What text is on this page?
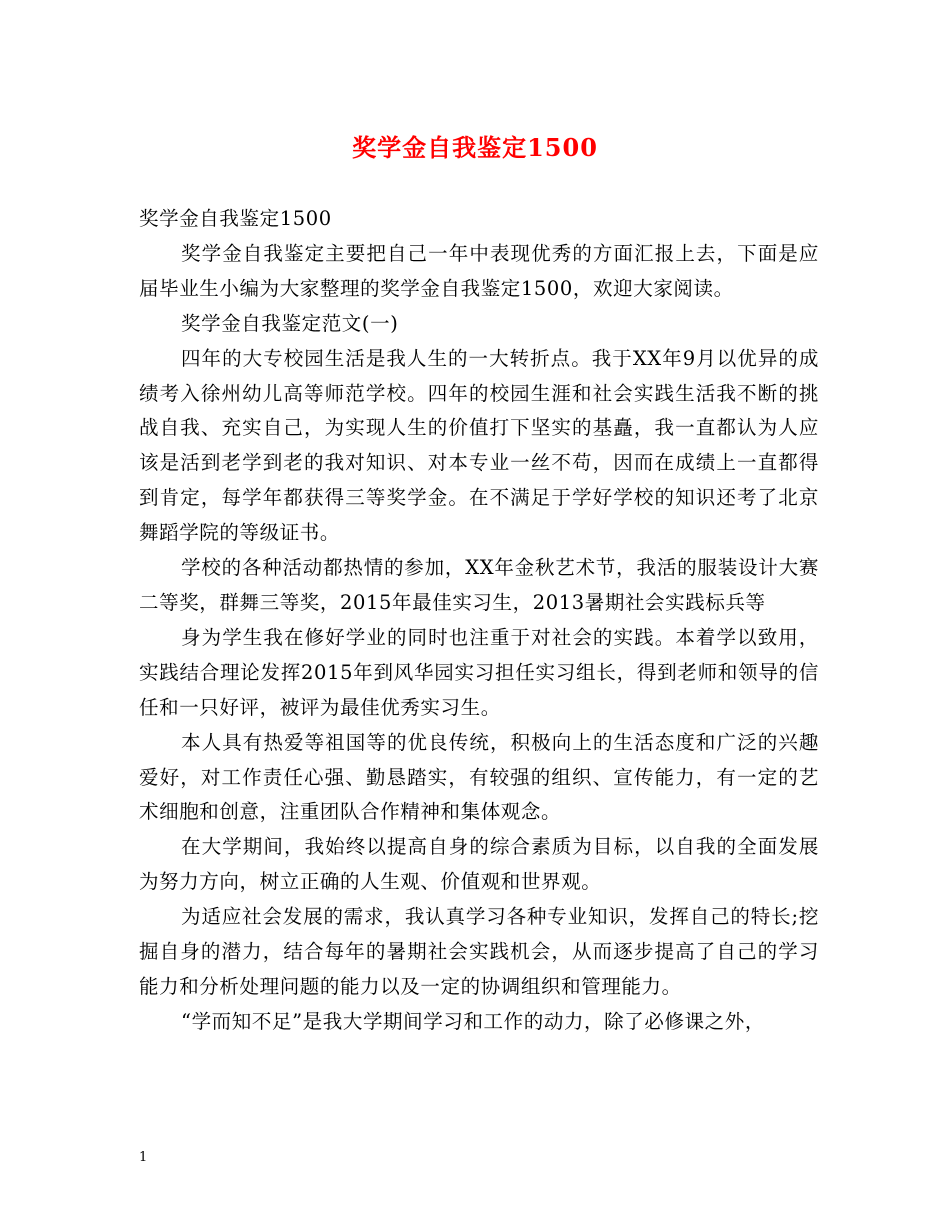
奖学金自我鉴定1500

奖学金自我鉴定1500

奖学金自我鉴定主要把自己一年中表现优秀的方面汇报上去，下面是应届毕业生小编为大家整理的奖学金自我鉴定1500，欢迎大家阅读。

奖学金自我鉴定范文(一)

四年的大专校园生活是我人生的一大转折点。我于XX年9月以优异的成绩考入徐州幼儿高等师范学校。四年的校园生涯和社会实践生活我不断的挑战自我、充实自己，为实现人生的价值打下坚实的基矗，我一直都认为人应该是活到老学到老的我对知识、对本专业一丝不苟，因而在成绩上一直都得到肯定，每学年都获得三等奖学金。在不满足于学好学校的知识还考了北京舞蹈学院的等级证书。

学校的各种活动都热情的参加，XX年金秋艺术节，我活的服装设计大赛二等奖，群舞三等奖，2015年最佳实习生，2013暑期社会实践标兵等

身为学生我在修好学业的同时也注重于对社会的实践。本着学以致用，实践结合理论发挥2015年到风华园实习担任实习组长，得到老师和领导的信任和一只好评，被评为最佳优秀实习生。

本人具有热爱等祖国等的优良传统，积极向上的生活态度和广泛的兴趣爱好，对工作责任心强、勤恳踏实，有较强的组织、宣传能力，有一定的艺术细胞和创意，注重团队合作精神和集体观念。

在大学期间，我始终以提高自身的综合素质为目标，以自我的全面发展为努力方向，树立正确的人生观、价值观和世界观。

为适应社会发展的需求，我认真学习各种专业知识，发挥自己的特长;挖掘自身的潜力，结合每年的暑期社会实践机会，从而逐步提高了自己的学习能力和分析处理问题的能力以及一定的协调组织和管理能力。

“学而知不足”是我大学期间学习和工作的动力，除了必修课之外，

1
